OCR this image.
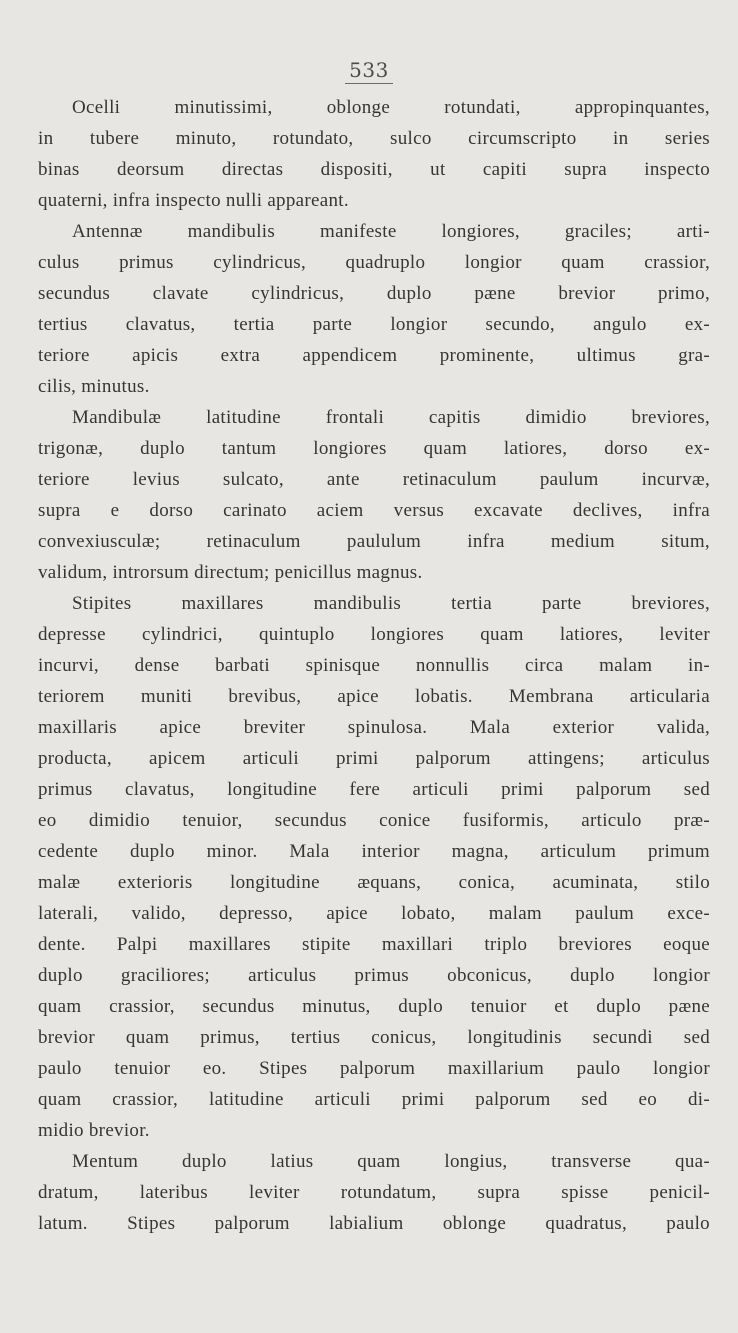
533
Ocelli minutissimi, oblonge rotundati, appropinquantes,
in tubere minuto, rotundato, sulco circumscripto in series
binas deorsum directas dispositi, ut capiti supra inspecto
quaterni, infra inspecto nulli appareant.
Antennæ mandibulis manifeste longiores, graciles; arti-
culus primus cylindricus, quadruplo longior quam crassior,
secundus clavate cylindricus, duplo pæne brevior primo,
tertius clavatus, tertia parte longior secundo, angulo ex-
teriore apicis extra appendicem prominente, ultimus gra-
cilis, minutus.
Mandibulæ latitudine frontali capitis dimidio breviores,
trigonæ, duplo tantum longiores quam latiores, dorso ex-
teriore levius sulcato, ante retinaculum paulum incurvæ,
supra e dorso carinato aciem versus excavate declives, infra
convexiusculæ; retinaculum paululum infra medium situm,
validum, introrsum directum; penicillus magnus.
Stipites maxillares mandibulis tertia parte breviores,
depresse cylindrici, quintuplo longiores quam latiores, leviter
incurvi, dense barbati spinisque nonnullis circa malam in-
teriorem muniti brevibus, apice lobatis. Membrana articularia
maxillaris apice breviter spinulosa. Mala exterior valida,
producta, apicem articuli primi palporum attingens; articulus
primus clavatus, longitudine fere articuli primi palporum sed
eo dimidio tenuior, secundus conice fusiformis, articulo præ-
cedente duplo minor. Mala interior magna, articulum primum
malæ exterioris longitudine æquans, conica, acuminata, stilo
laterali, valido, depresso, apice lobato, malam paulum exce-
dente. Palpi maxillares stipite maxillari triplo breviores eoque
duplo graciliores; articulus primus obconicus, duplo longior
quam crassior, secundus minutus, duplo tenuior et duplo pæne
brevior quam primus, tertius conicus, longitudinis secundi sed
paulo tenuior eo. Stipes palporum maxillarium paulo longior
quam crassior, latitudine articuli primi palporum sed eo di-
midio brevior.
Mentum duplo latius quam longius, transverse qua-
dratum, lateribus leviter rotundatum, supra spisse penicil-
latum. Stipes palporum labialium oblonge quadratus, paulo
